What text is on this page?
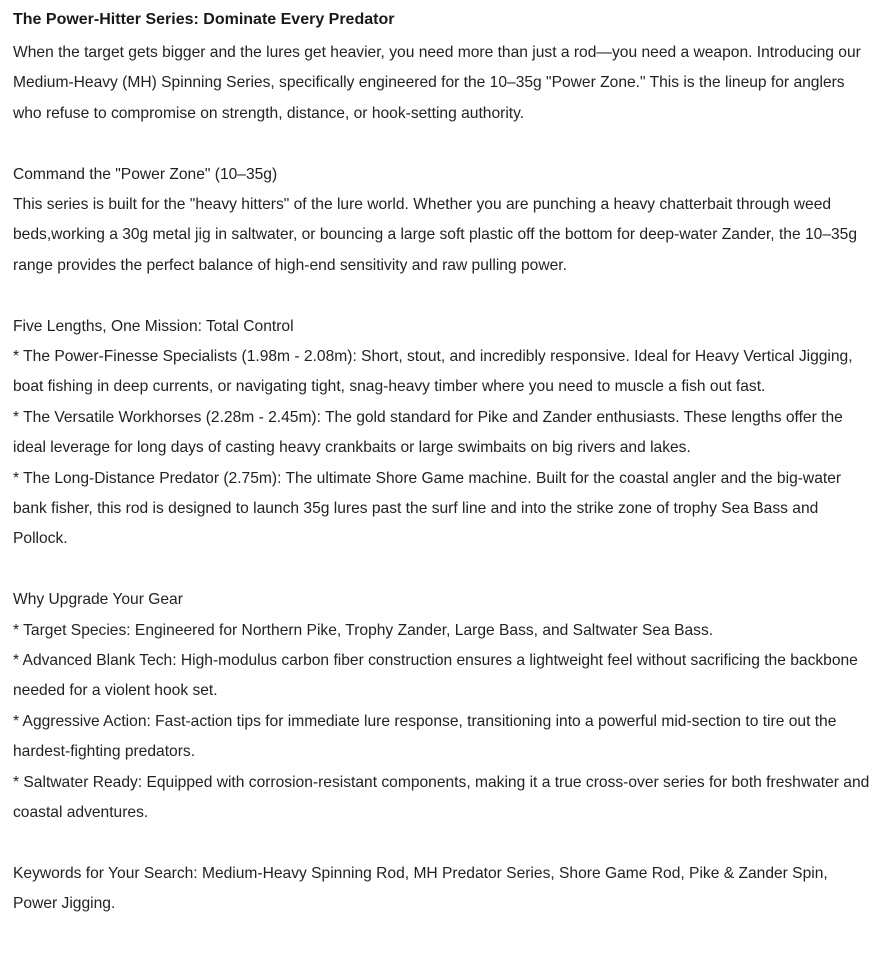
The Power-Hitter Series: Dominate Every Predator

When the target gets bigger and the lures get heavier, you need more than just a rod—you need a weapon. Introducing our Medium-Heavy (MH) Spinning Series, specifically engineered for the 10–35g "Power Zone." This is the lineup for anglers who refuse to compromise on strength, distance, or hook-setting authority.

Command the "Power Zone" (10–35g)

This series is built for the "heavy hitters" of the lure world. Whether you are punching a heavy chatterbait through weed beds,working a 30g metal jig in saltwater, or bouncing a large soft plastic off the bottom for deep-water Zander, the 10–35g range provides the perfect balance of high-end sensitivity and raw pulling power.

Five Lengths, One Mission: Total Control

* The Power-Finesse Specialists (1.98m - 2.08m): Short, stout, and incredibly responsive. Ideal for Heavy Vertical Jigging, boat fishing in deep currents, or navigating tight, snag-heavy timber where you need to muscle a fish out fast.

* The Versatile Workhorses (2.28m - 2.45m): The gold standard for Pike and Zander enthusiasts. These lengths offer the ideal leverage for long days of casting heavy crankbaits or large swimbaits on big rivers and lakes.

* The Long-Distance Predator (2.75m): The ultimate Shore Game machine. Built for the coastal angler and the big-water bank fisher, this rod is designed to launch 35g lures past the surf line and into the strike zone of trophy Sea Bass and Pollock.

Why Upgrade Your Gear

* Target Species: Engineered for Northern Pike, Trophy Zander, Large Bass, and Saltwater Sea Bass.

* Advanced Blank Tech: High-modulus carbon fiber construction ensures a lightweight feel without sacrificing the backbone needed for a violent hook set.

* Aggressive Action: Fast-action tips for immediate lure response, transitioning into a powerful mid-section to tire out the hardest-fighting predators.

* Saltwater Ready: Equipped with corrosion-resistant components, making it a true cross-over series for both freshwater and coastal adventures.

Keywords for Your Search: Medium-Heavy Spinning Rod, MH Predator Series, Shore Game Rod, Pike & Zander Spin, Power Jigging.
